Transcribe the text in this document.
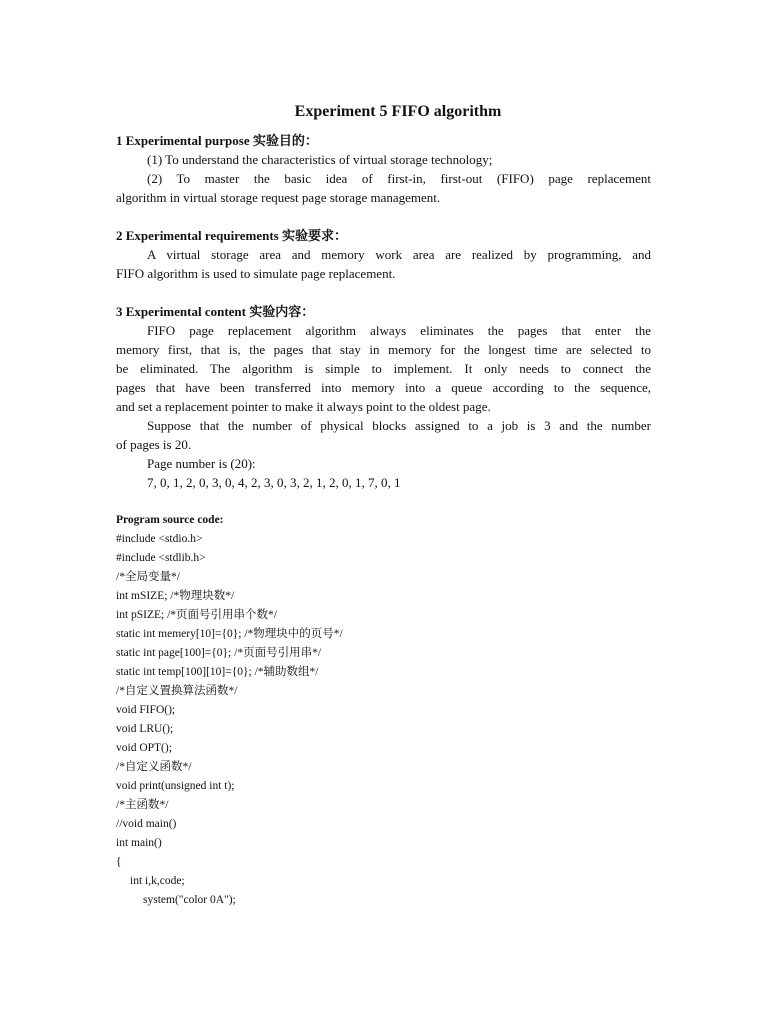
Experiment 5 FIFO algorithm
1 Experimental purpose 实验目的：
(1) To understand the characteristics of virtual storage technology;
(2) To master the basic idea of first-in, first-out (FIFO) page replacement
algorithm in virtual storage request page storage management.
2 Experimental requirements 实验要求：
A virtual storage area and memory work area are realized by programming, and
FIFO algorithm is used to simulate page replacement.
3 Experimental content 实验内容：
FIFO page replacement algorithm always eliminates the pages that enter the
memory first, that is, the pages that stay in memory for the longest time are selected to
be eliminated. The algorithm is simple to implement. It only needs to connect the
pages that have been transferred into memory into a queue according to the sequence,
and set a replacement pointer to make it always point to the oldest page.
Suppose that the number of physical blocks assigned to a job is 3 and the number
of pages is 20.
Page number is (20):
7, 0, 1, 2, 0, 3, 0, 4, 2, 3, 0, 3, 2, 1, 2, 0, 1, 7, 0, 1
Program source code:
#include <stdio.h>
#include <stdlib.h>
/*全局变量*/
int mSIZE; /*物理块数*/
int pSIZE; /*页面号引用串个数*/
static int memery[10]={0}; /*物理块中的页号*/
static int page[100]={0}; /*页面号引用串*/
static int temp[100][10]={0}; /*辅助数组*/
/*自定义置换算法函数*/
void FIFO();
void LRU();
void OPT();
/*自定义函数*/
void print(unsigned int t);
/*主函数*/
//void main()
int main()
{
int i,k,code;
system("color 0A");
